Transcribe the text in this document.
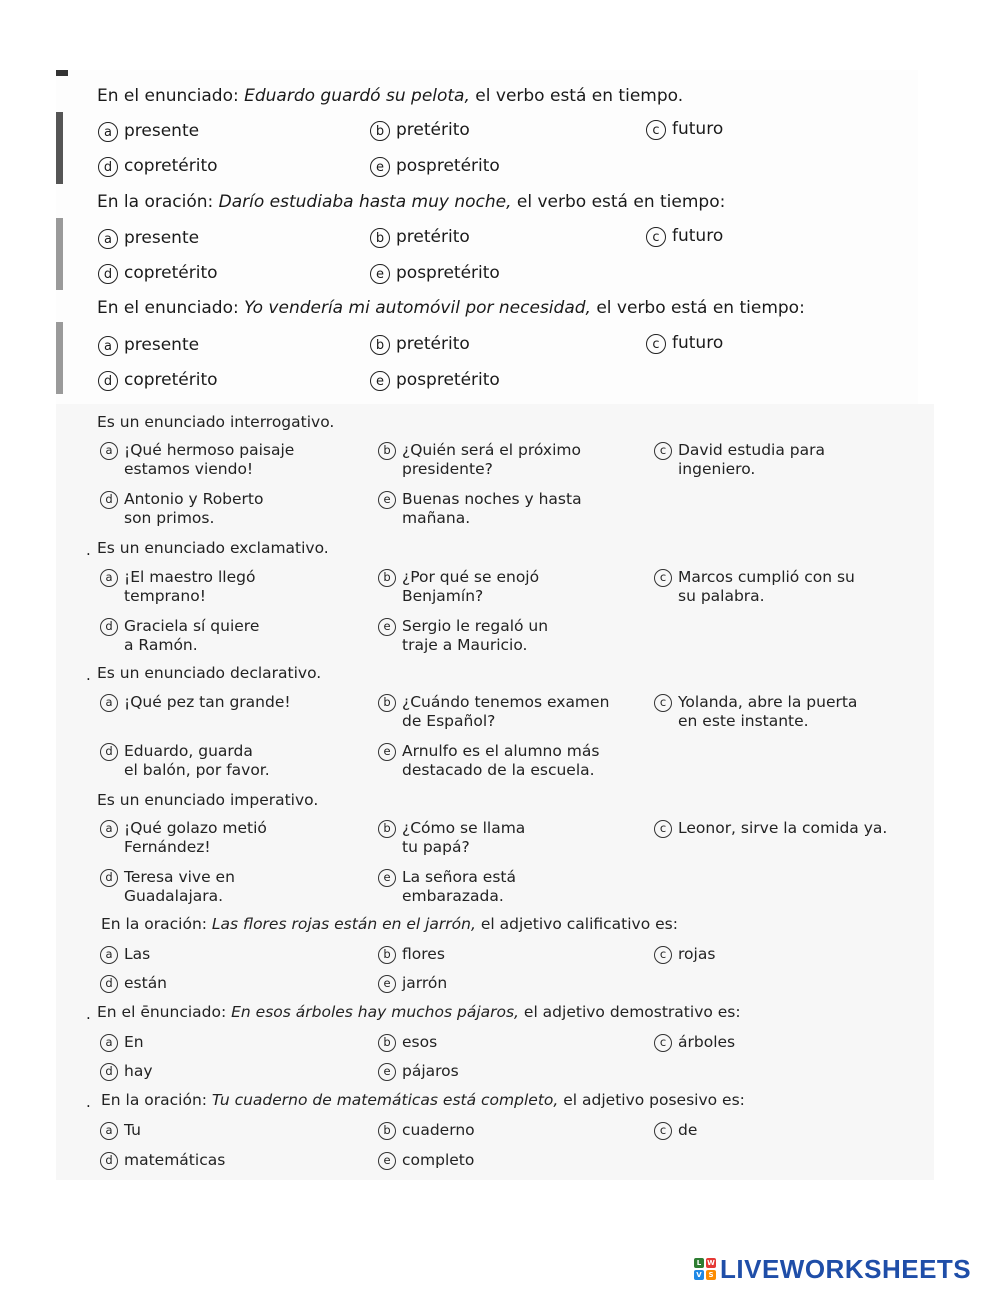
En el enunciado: Eduardo guardó su pelota, el verbo está en tiempo.
a presente	b pretérito	c futuro
d copretérito	e pospretérito
En la oración: Darío estudiaba hasta muy noche, el verbo está en tiempo:
a presente	b pretérito	c futuro
d copretérito	e pospretérito
En el enunciado: Yo vendería mi automóvil por necesidad, el verbo está en tiempo:
a presente	b pretérito	c futuro
d copretérito	e pospretérito
Es un enunciado interrogativo.
a ¡Qué hermoso paisaje
estamos viendo!
b ¿Quién será el próximo
presidente?
c David estudia para
ingeniero.
d Antonio y Roberto
son primos.
e Buenas noches y hasta
mañana.
Es un enunciado exclamativo.
a ¡El maestro llegó
temprano!
b ¿Por qué se enojó
Benjamín?
c Marcos cumplió con su
su palabra.
d Graciela sí quiere
a Ramón.
e Sergio le regaló un
traje a Mauricio.
Es un enunciado declarativo.
a ¡Qué pez tan grande!	b ¿Cuándo tenemos examen
de Español?
c Yolanda, abre la puerta
en este instante.
d Eduardo, guarda
el balón, por favor.
e Arnulfo es el alumno más
destacado de la escuela.
Es un enunciado imperativo.
a ¡Qué golazo metió
Fernández!
b ¿Cómo se llama
tu papá?
c Leonor, sirve la comida ya.
d Teresa vive en
Guadalajara.
e La señora está
embarazada.
En la oración: Las flores rojas están en el jarrón, el adjetivo calificativo es:
a Las	b flores	c rojas
d están	e jarrón
En el ēnunciado: En esos árboles hay muchos pájaros, el adjetivo demostrativo es:
a En	b esos	c árboles
d hay	e pájaros
En la oración: Tu cuaderno de matemáticas está completo, el adjetivo posesivo es:
a Tu	b cuaderno	c de
d matemáticas	e completo
.
.
.
.
L W
V S LIVEWORKSHEETS
